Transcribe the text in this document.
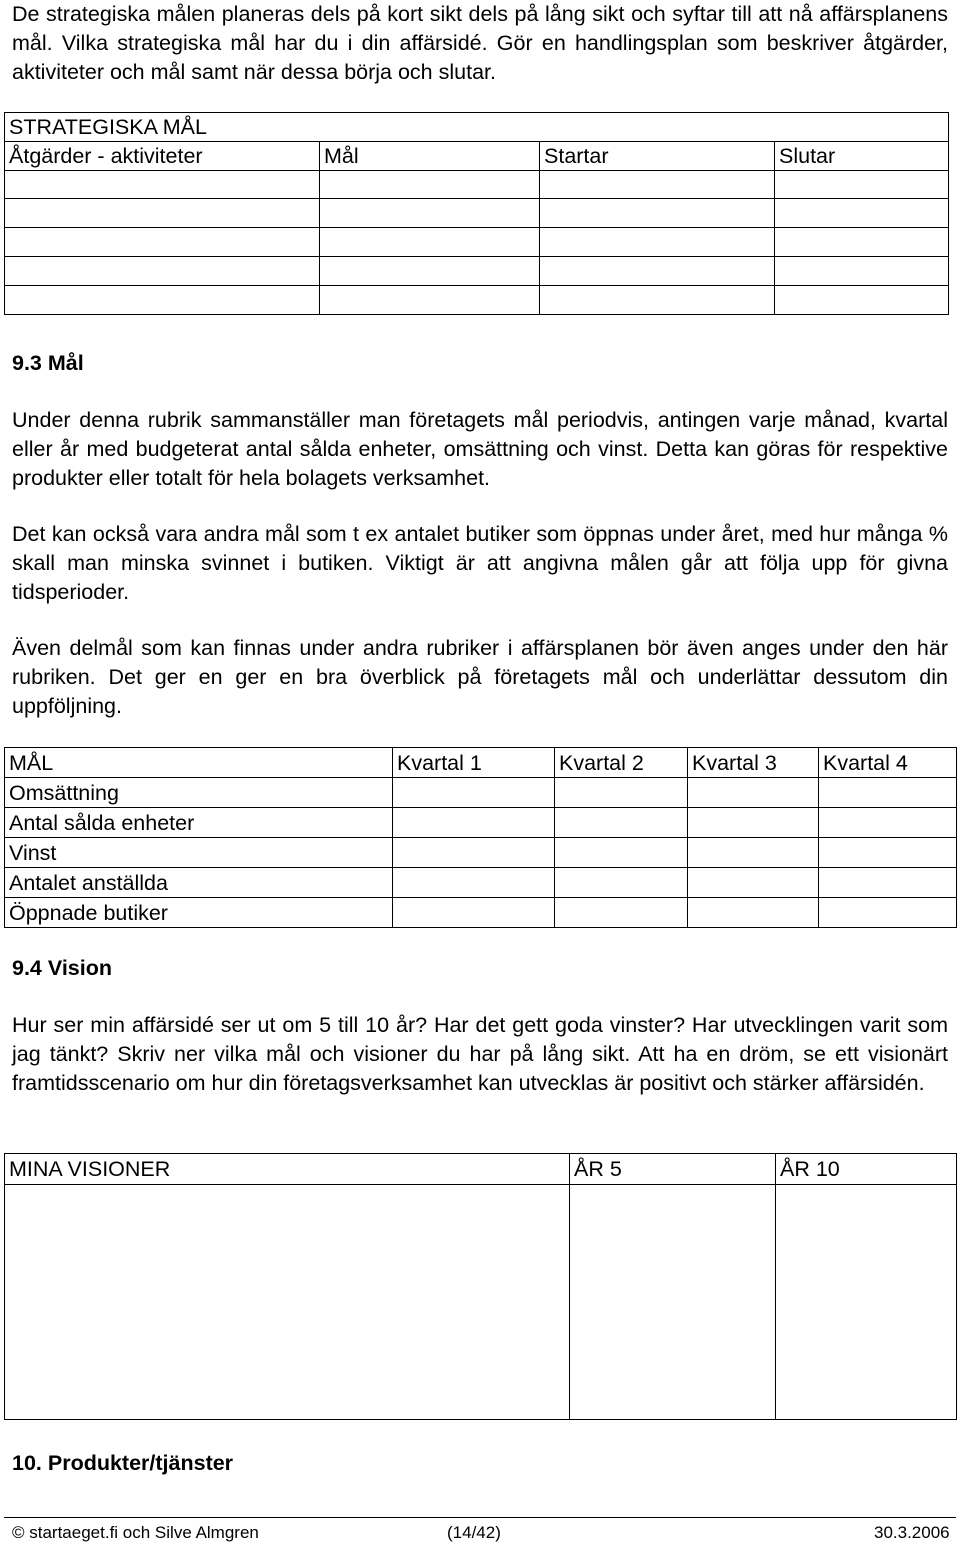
De strategiska målen planeras dels på kort sikt dels på lång sikt och syftar till att nå affärsplanens mål. Vilka strategiska mål har du i din affärsidé. Gör en handlingsplan som beskriver åtgärder, aktiviteter och mål samt när dessa börja och slutar.

STRATEGISKA MÅL			
Åtgärder - aktiviteter	Mål	Startar	Slutar

9.3 Mål

Under denna rubrik sammanställer man företagets mål periodvis, antingen varje månad, kvartal eller år med budgeterat antal sålda enheter, omsättning och vinst. Detta kan göras för respektive produkter eller totalt för hela bolagets verksamhet.

Det kan också vara andra mål som t ex antalet butiker som öppnas under året, med hur många % skall man minska svinnet i butiken. Viktigt är att angivna målen går att följa upp för givna tidsperioder.

Även delmål som kan finnas under andra rubriker i affärsplanen bör även anges under den här rubriken. Det ger en ger en bra överblick på företagets mål och underlättar dessutom din uppföljning.

MÅL	Kvartal 1	Kvartal 2	Kvartal 3	Kvartal 4
Omsättning				
Antal sålda enheter				
Vinst				
Antalet anställda				
Öppnade butiker				
9.4 Vision

Hur ser min affärsidé ser ut om 5 till 10 år? Har det gett goda vinster? Har utvecklingen varit som jag tänkt? Skriv ner vilka mål och visioner du har på lång sikt. Att ha en dröm, se ett visionärt framtidsscenario om hur din företagsverksamhet kan utvecklas är positivt och stärker affärsidén.

MINA VISIONER	ÅR 5	ÅR 10

10. Produkter/tjänster
© startaeget.fi och Silve Almgren	(14/42)	30.3.2006
